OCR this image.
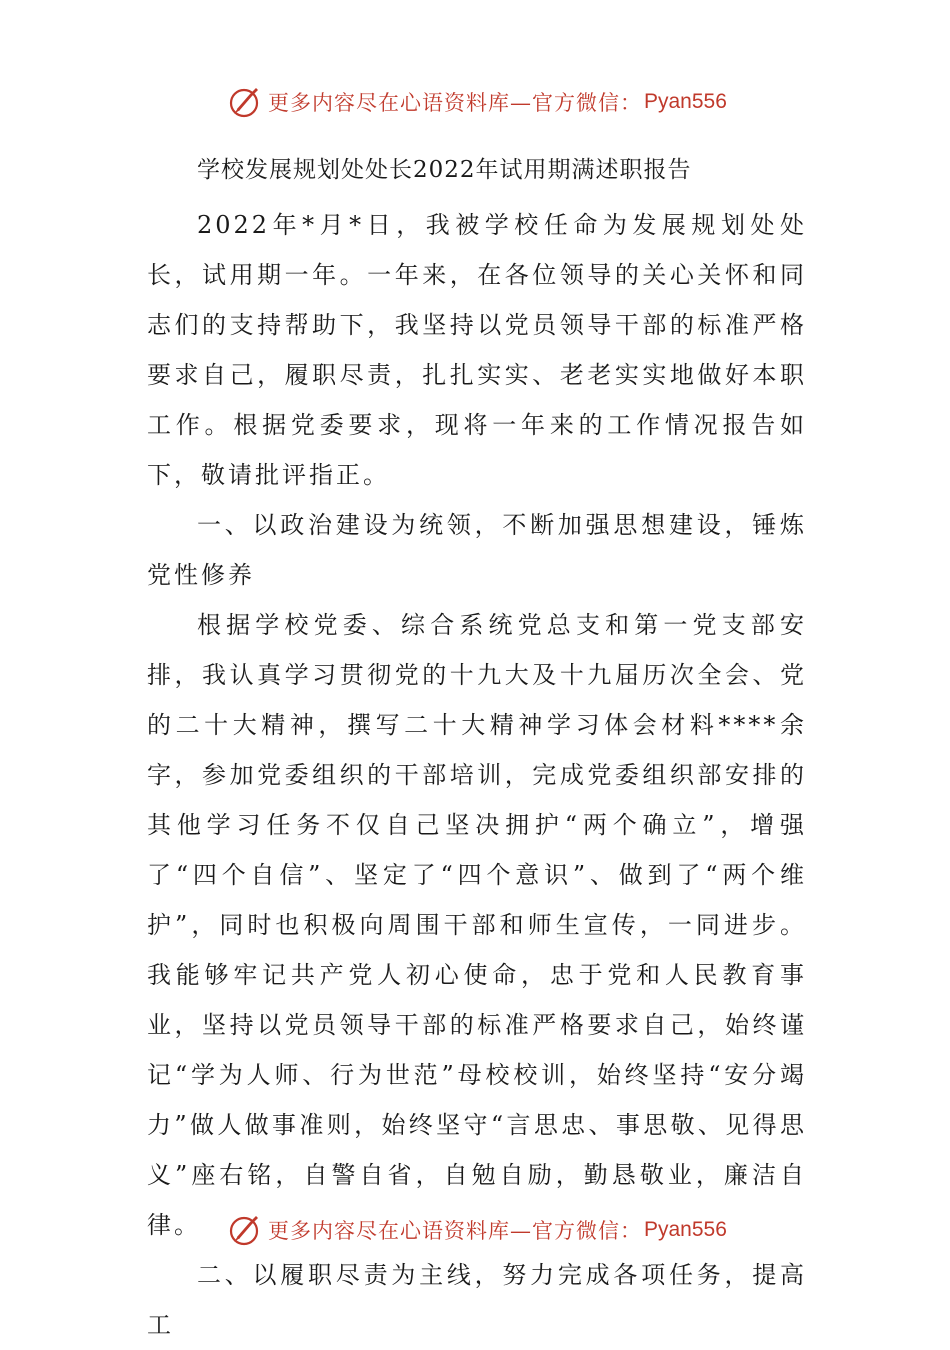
更多内容尽在心语资料库—官方微信： Pyan556
学校发展规划处处长2022年试用期满述职报告

2022年*月*日，我被学校任命为发展规划处处长，试用期一年。一年来，在各位领导的关心关怀和同志们的支持帮助下，我坚持以党员领导干部的标准严格要求自己，履职尽责，扎扎实实、老老实实地做好本职工作。根据党委要求，现将一年来的工作情况报告如下，敬请批评指正。

一、以政治建设为统领，不断加强思想建设，锤炼党性修养

根据学校党委、综合系统党总支和第一党支部安排，我认真学习贯彻党的十九大及十九届历次全会、党的二十大精神，撰写二十大精神学习体会材料****余字，参加党委组织的干部培训，完成党委组织部安排的其他学习任务不仅自己坚决拥护“两个确立”，增强了“四个自信”、坚定了“四个意识”、做到了“两个维护”，同时也积极向周围干部和师生宣传，一同进步。我能够牢记共产党人初心使命，忠于党和人民教育事业，坚持以党员领导干部的标准严格要求自己，始终谨记“学为人师、行为世范”母校校训，始终坚持“安分竭力”做人做事准则，始终坚守“言思忠、事思敬、见得思义”座右铭，自警自省，自勉自励，勤恳敬业，廉洁自律。

二、以履职尽责为主线，努力完成各项任务，提高工

更多内容尽在心语资料库—官方微信： Pyan556
